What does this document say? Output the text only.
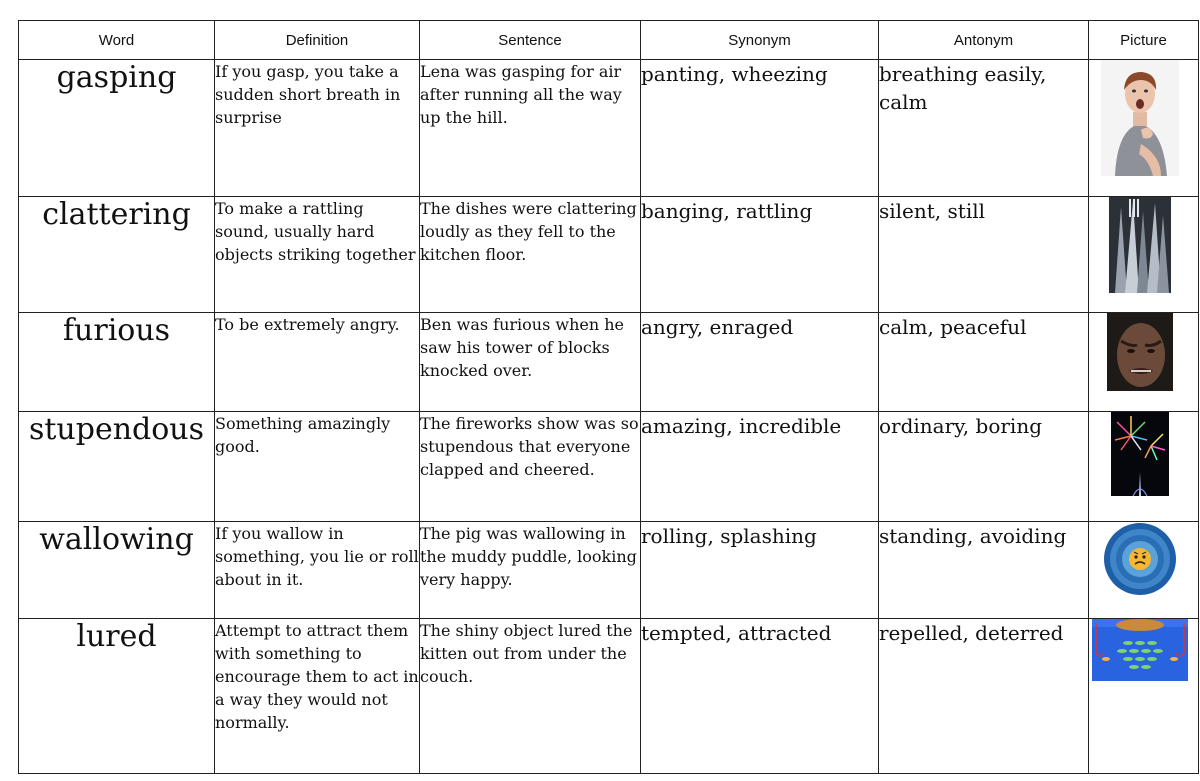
Word	Definition	Sentence	Synonym	Antonym	Picture
gasping	If you gasp, you take a sudden short breath in surprise	Lena was gasping for air after running all the way up the hill.	panting, wheezing	breathing easily, calm	

clattering	To make a rattling sound, usually hard objects striking together	The dishes were clattering loudly as they fell to the kitchen floor.	banging, rattling	silent, still	

furious	To be extremely angry.	Ben was furious when he saw his tower of blocks knocked over.	angry, enraged	calm, peaceful	

stupendous	Something amazingly good.	The fireworks show was so stupendous that everyone clapped and cheered.	amazing, incredible	ordinary, boring	

wallowing	If you wallow in something, you lie or roll about in it.	The pig was wallowing in the muddy puddle, looking very happy.	rolling, splashing	standing, avoiding	

lured	Attempt to attract them with something to encourage them to act in a way they would not normally.	The shiny object lured the kitten out from under the couch.	tempted, attracted	repelled, deterred	
